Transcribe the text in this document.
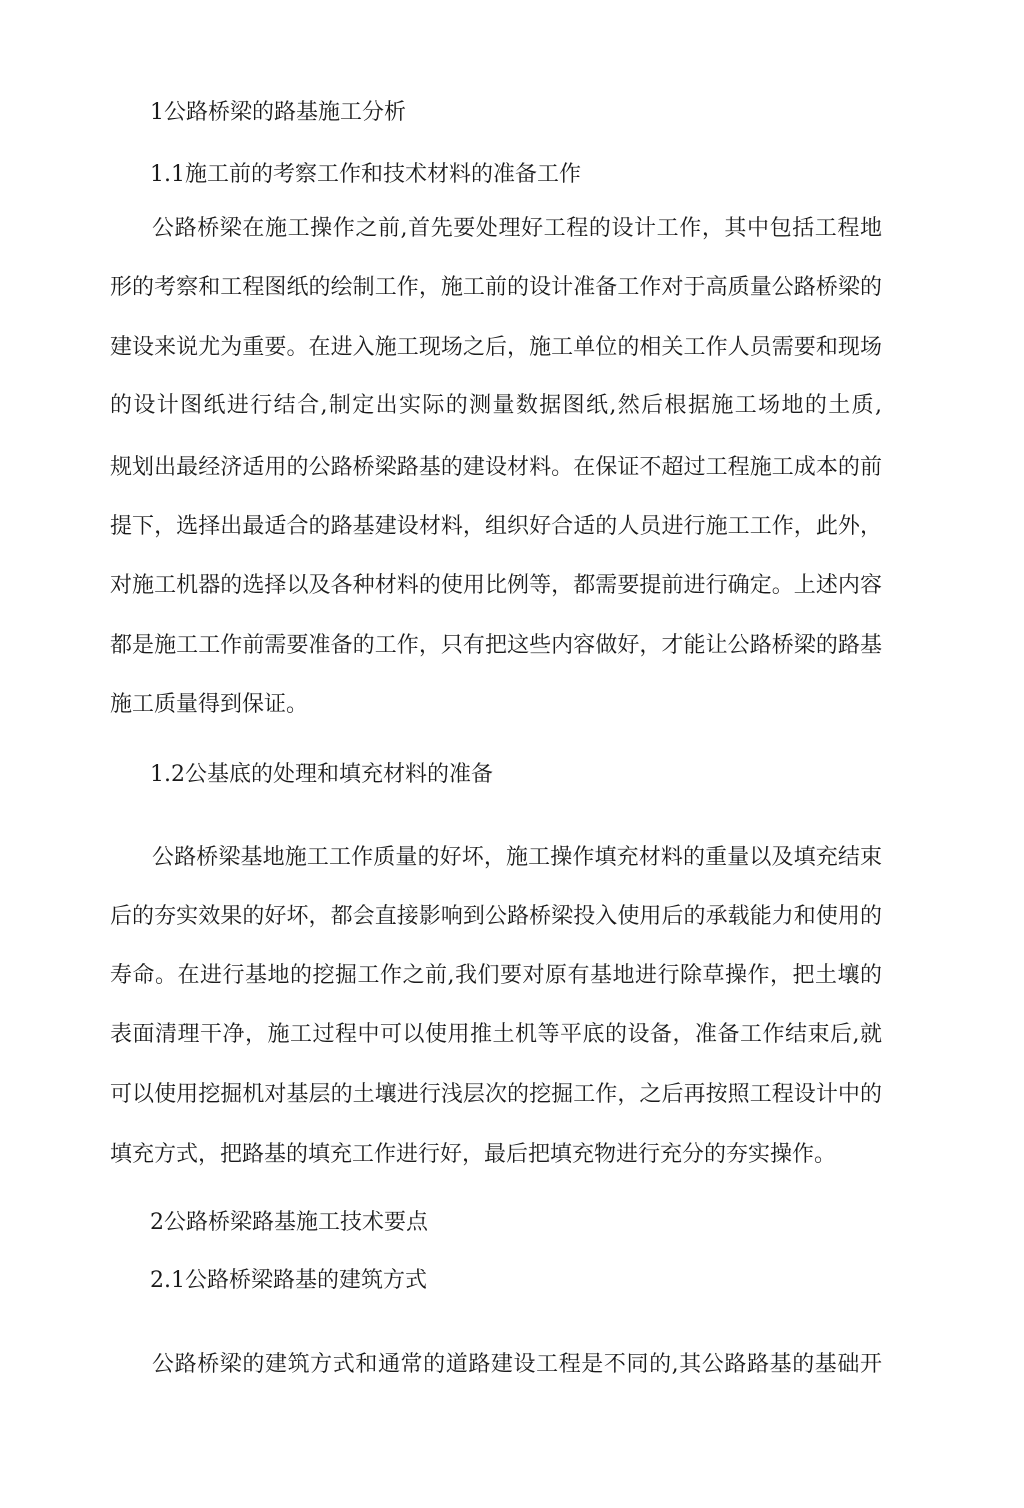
1公路桥梁的路基施工分析
1.1施工前的考察工作和技术材料的准备工作
公路桥梁在施工操作之前,首先要处理好工程的设计工作，其中包括工程地
形的考察和工程图纸的绘制工作，施工前的设计准备工作对于高质量公路桥梁的
建设来说尤为重要。在进入施工现场之后，施工单位的相关工作人员需要和现场
的设计图纸进行结合,制定出实际的测量数据图纸,然后根据施工场地的土质,
规划出最经济适用的公路桥梁路基的建设材料。在保证不超过工程施工成本的前
提下，选择出最适合的路基建设材料，组织好合适的人员进行施工工作，此外，
对施工机器的选择以及各种材料的使用比例等，都需要提前进行确定。上述内容
都是施工工作前需要准备的工作，只有把这些内容做好，才能让公路桥梁的路基
施工质量得到保证。
1.2公基底的处理和填充材料的准备
公路桥梁基地施工工作质量的好坏，施工操作填充材料的重量以及填充结束
后的夯实效果的好坏，都会直接影响到公路桥梁投入使用后的承载能力和使用的
寿命。在进行基地的挖掘工作之前,我们要对原有基地进行除草操作，把土壤的
表面清理干净，施工过程中可以使用推土机等平底的设备，准备工作结束后,就
可以使用挖掘机对基层的土壤进行浅层次的挖掘工作，之后再按照工程设计中的
填充方式，把路基的填充工作进行好，最后把填充物进行充分的夯实操作。
2公路桥梁路基施工技术要点
2.1公路桥梁路基的建筑方式
公路桥梁的建筑方式和通常的道路建设工程是不同的,其公路路基的基础开
